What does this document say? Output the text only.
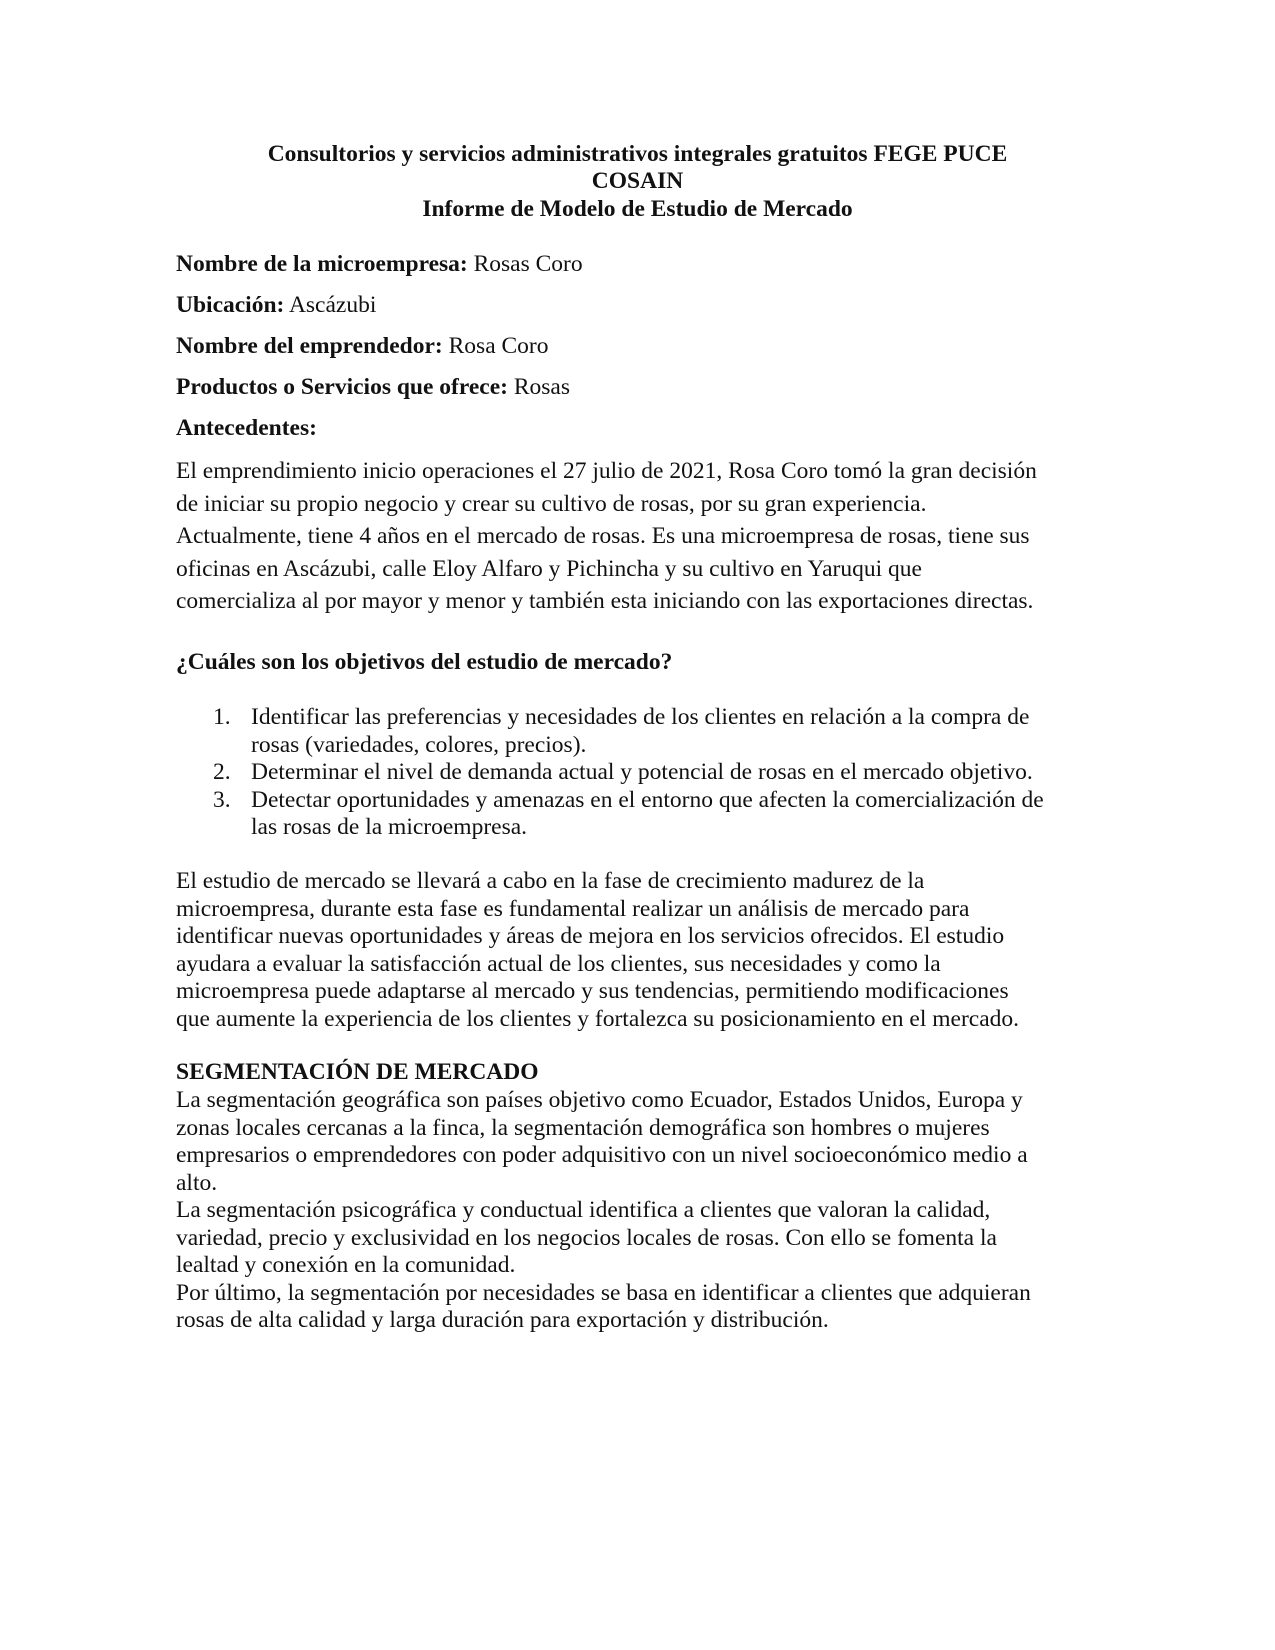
Consultorios y servicios administrativos integrales gratuitos FEGE PUCE
COSAIN
Informe de Modelo de Estudio de Mercado
Nombre de la microempresa: Rosas Coro
Ubicación: Ascázubi
Nombre del emprendedor: Rosa Coro
Productos o Servicios que ofrece: Rosas
Antecedentes:
El emprendimiento inicio operaciones el 27 julio de 2021, Rosa Coro tomó la gran decisión
de iniciar su propio negocio y crear su cultivo de rosas, por su gran experiencia.
Actualmente, tiene 4 años en el mercado de rosas. Es una microempresa de rosas, tiene sus
oficinas en Ascázubi, calle Eloy Alfaro y Pichincha y su cultivo en Yaruqui que
comercializa al por mayor y menor y también esta iniciando con las exportaciones directas.
¿Cuáles son los objetivos del estudio de mercado?
1. Identificar las preferencias y necesidades de los clientes en relación a la compra de
rosas (variedades, colores, precios).
2. Determinar el nivel de demanda actual y potencial de rosas en el mercado objetivo.
3. Detectar oportunidades y amenazas en el entorno que afecten la comercialización de
las rosas de la microempresa.
El estudio de mercado se llevará a cabo en la fase de crecimiento madurez de la
microempresa, durante esta fase es fundamental realizar un análisis de mercado para
identificar nuevas oportunidades y áreas de mejora en los servicios ofrecidos. El estudio
ayudara a evaluar la satisfacción actual de los clientes, sus necesidades y como la
microempresa puede adaptarse al mercado y sus tendencias, permitiendo modificaciones
que aumente la experiencia de los clientes y fortalezca su posicionamiento en el mercado.
SEGMENTACIÓN DE MERCADO
La segmentación geográfica son países objetivo como Ecuador, Estados Unidos, Europa y
zonas locales cercanas a la finca, la segmentación demográfica son hombres o mujeres
empresarios o emprendedores con poder adquisitivo con un nivel socioeconómico medio a
alto.
La segmentación psicográfica y conductual identifica a clientes que valoran la calidad,
variedad, precio y exclusividad en los negocios locales de rosas. Con ello se fomenta la
lealtad y conexión en la comunidad.
Por último, la segmentación por necesidades se basa en identificar a clientes que adquieran
rosas de alta calidad y larga duración para exportación y distribución.
